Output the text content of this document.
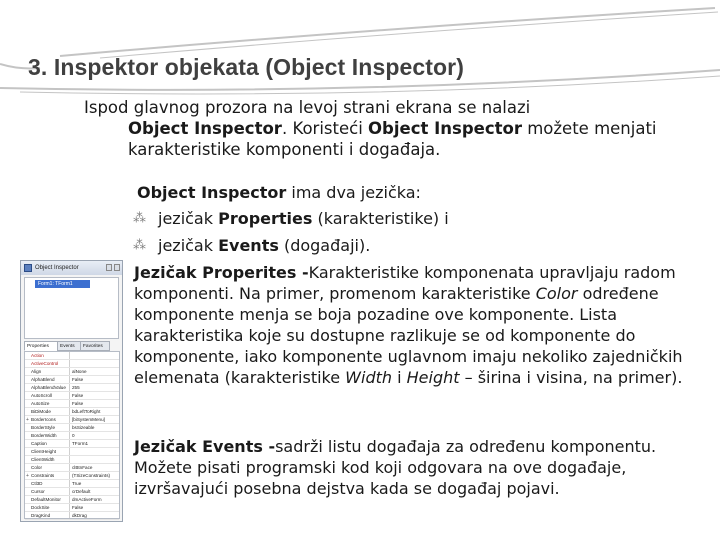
3. Inspektor objekata (Object Inspector)

Ispod glavnog prozora na levoj strani ekrana se nalazi

Object Inspector. Koristeći Object Inspector možete menjati karakteristike komponenti i događaja.

Object Inspector ima dva jezička:

⁂ jezičak Properties (karakteristike) i

⁂ jezičak Events (događaji).

Jezičak Properites -Karakteristike komponenata upravljaju radom komponenti. Na primer, promenom karakteristike Color određene komponente menja se boja pozadine ove komponente. Lista karakteristika koje su dostupne razlikuje se od komponente do komponente, iako komponente uglavnom imaju nekoliko zajedničkih elemenata (karakteristike Width i Height – širina i visina, na primer).

Jezičak Events -sadrži listu događaja za određenu komponentu. Možete pisati programski kod koji odgovara na ove događaje, izvršavajući posebna dejstva kada se događaj pojavi.

Object Inspector
Form1: TForm1
Properties	Events	Favorites
Action
ActiveControl
Align	alNone
AlphaBlend	False
AlphaBlendValue 255
AutoScroll	False
AutoSize	False
BiDiMode	bdLeftToRight
+ BorderIcons	[biSystemMenu]
BorderStyle	bsSizeable
BorderWidth	0
Caption	TForm1
ClientHeight
ClientWidth
Color	clBtnFace
+ Constraints	(TSizeConstraints)
Ctl3D	True
Cursor	crDefault
DefaultMonitor dmActiveForm
DockSite	False
DragKind	dkDrag
